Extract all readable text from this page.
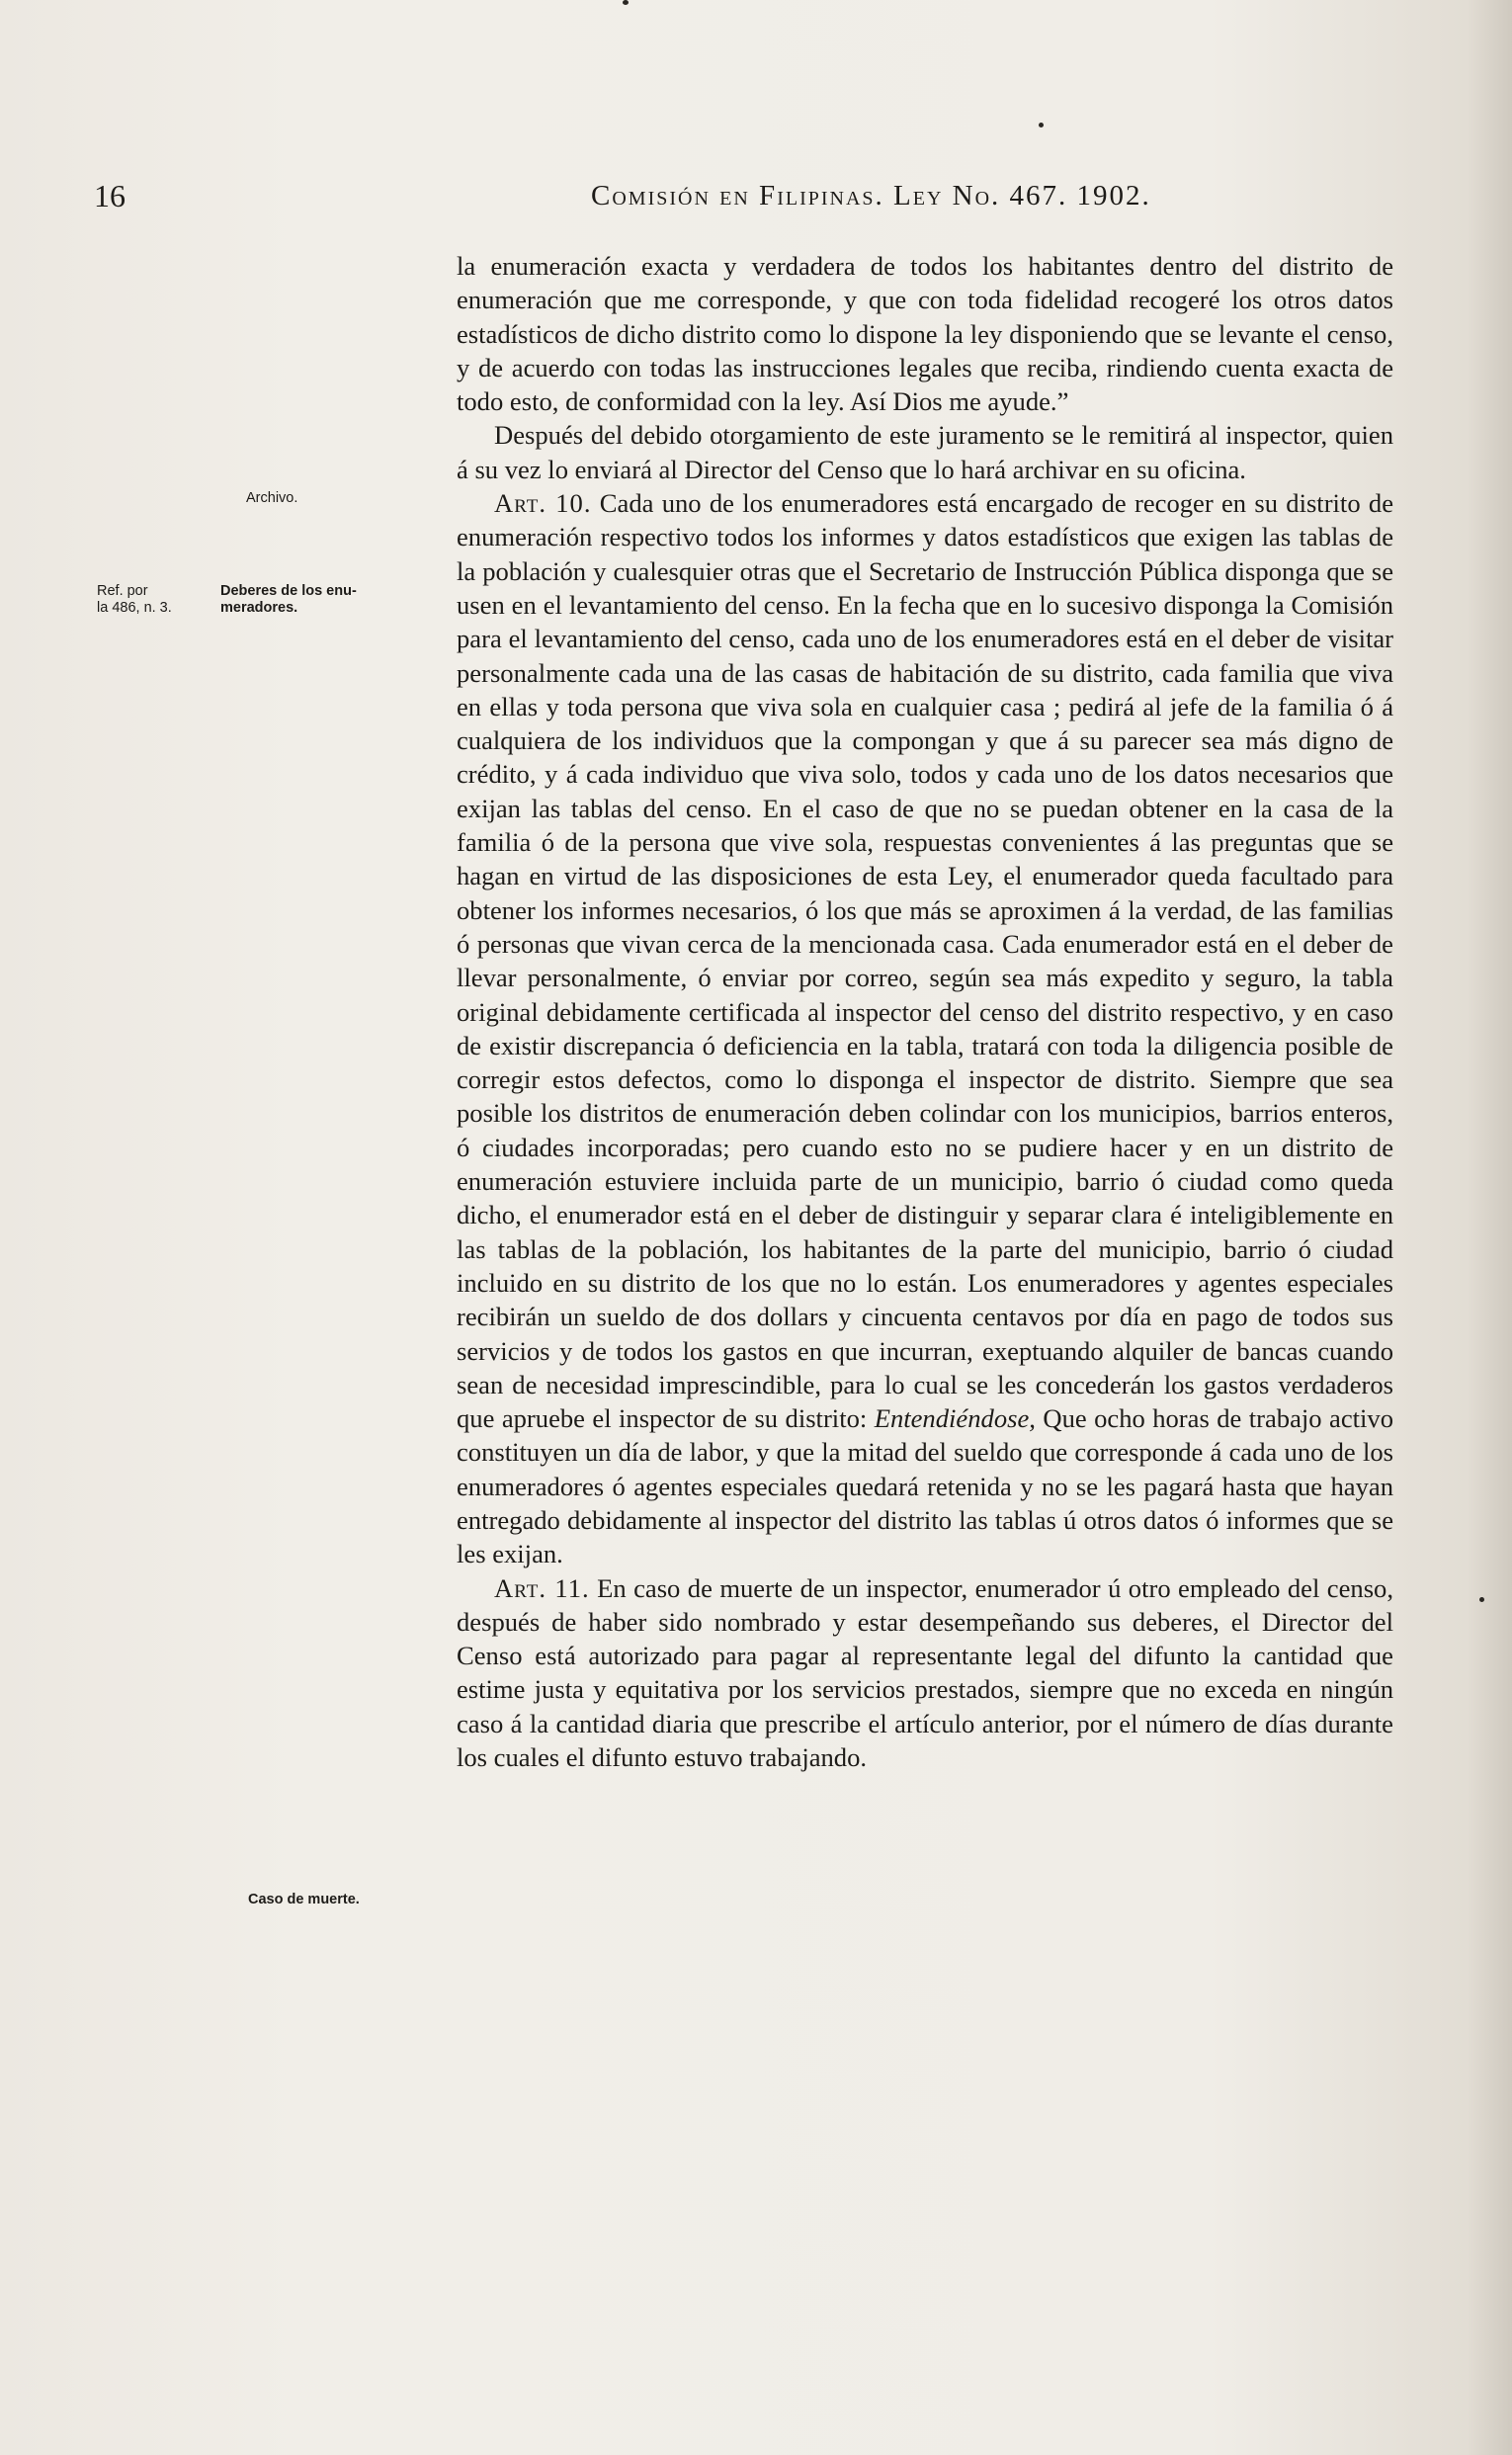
16	Comisión en Filipinas. Ley No. 467. 1902.
Archivo.
Ref. por
la 486, n. 3.
Deberes de los enu-
meradores.
Caso de muerte.

la enumeración exacta y verdadera de todos los habitantes dentro del distrito de enumeración que me corresponde, y que con toda fidelidad recogeré los otros datos estadísticos de dicho distrito como lo dispone la ley disponiendo que se levante el censo, y de acuerdo con todas las instrucciones legales que reciba, rindiendo cuenta exacta de todo esto, de conformidad con la ley. Así Dios me ayude.”

Después del debido otorgamiento de este juramento se le remitirá al inspector, quien á su vez lo enviará al Director del Censo que lo hará archivar en su oficina.

Art. 10. Cada uno de los enumeradores está encargado de recoger en su distrito de enumeración respectivo todos los informes y datos estadísticos que exigen las tablas de la población y cualesquier otras que el Secretario de Instrucción Pública disponga que se usen en el levantamiento del censo. En la fecha que en lo sucesivo disponga la Comisión para el levantamiento del censo, cada uno de los enumeradores está en el deber de visitar personalmente cada una de las casas de habitación de su distrito, cada familia que viva en ellas y toda persona que viva sola en cualquier casa ; pedirá al jefe de la familia ó á cualquiera de los individuos que la compongan y que á su parecer sea más digno de crédito, y á cada individuo que viva solo, todos y cada uno de los datos necesarios que exijan las tablas del censo. En el caso de que no se puedan obtener en la casa de la familia ó de la persona que vive sola, respuestas convenientes á las preguntas que se hagan en virtud de las disposiciones de esta Ley, el enumerador queda facultado para obtener los informes necesarios, ó los que más se aproximen á la verdad, de las familias ó personas que vivan cerca de la mencionada casa. Cada enumerador está en el deber de llevar personalmente, ó enviar por correo, según sea más expedito y seguro, la tabla original debidamente certificada al inspector del censo del distrito respectivo, y en caso de existir discrepancia ó deficiencia en la tabla, tratará con toda la diligencia posible de corregir estos defectos, como lo disponga el inspector de distrito. Siempre que sea posible los distritos de enumeración deben colindar con los municipios, barrios enteros, ó ciudades incorporadas; pero cuando esto no se pudiere hacer y en un distrito de enumeración estuviere incluida parte de un municipio, barrio ó ciudad como queda dicho, el enumerador está en el deber de distinguir y separar clara é inteligiblemente en las tablas de la población, los habitantes de la parte del municipio, barrio ó ciudad incluido en su distrito de los que no lo están. Los enumeradores y agentes especiales recibirán un sueldo de dos dollars y cincuenta centavos por día en pago de todos sus servicios y de todos los gastos en que incurran, exeptuando alquiler de bancas cuando sean de necesidad imprescindible, para lo cual se les concederán los gastos verdaderos que apruebe el inspector de su distrito: Entendiéndose, Que ocho horas de trabajo activo constituyen un día de labor, y que la mitad del sueldo que corresponde á cada uno de los enumeradores ó agentes especiales quedará retenida y no se les pagará hasta que hayan entregado debidamente al inspector del distrito las tablas ú otros datos ó informes que se les exijan.

Art. 11. En caso de muerte de un inspector, enumerador ú otro empleado del censo, después de haber sido nombrado y estar desempeñando sus deberes, el Director del Censo está autorizado para pagar al representante legal del difunto la cantidad que estime justa y equitativa por los servicios prestados, siempre que no exceda en ningún caso á la cantidad diaria que prescribe el artículo anterior, por el número de días durante los cuales el difunto estuvo trabajando.
